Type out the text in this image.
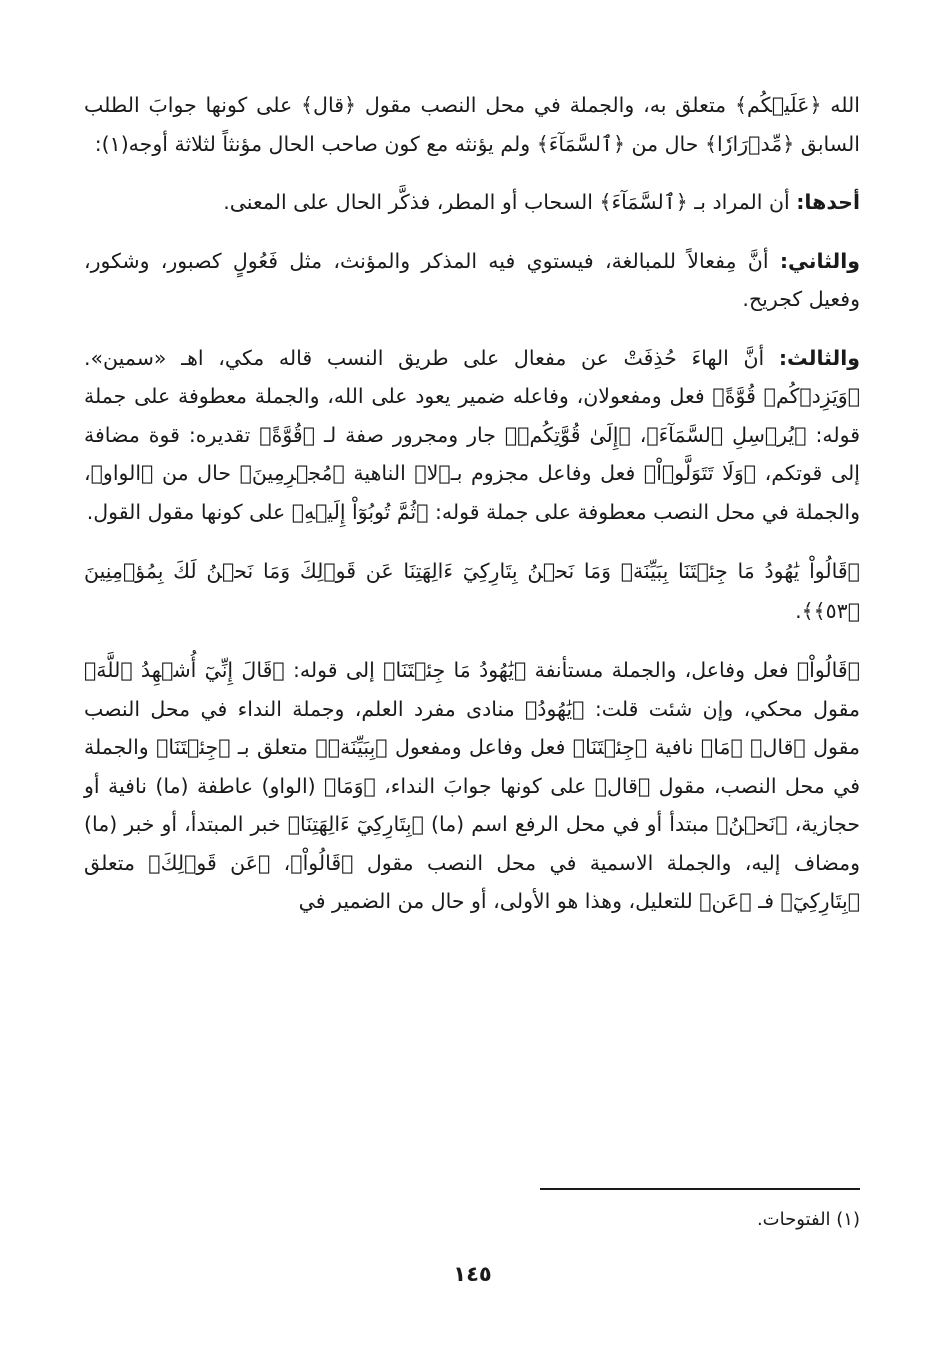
الله ﴿عَلَيۡكُم﴾ متعلق به، والجملة في محل النصب مقول ﴿قال﴾ على كونها جوابَ الطلب السابق ﴿مِّدۡرَارٗا﴾ حال من ﴿ٱلسَّمَآءَ﴾ ولم يؤنثه مع كون صاحب الحال مؤنثاً لثلاثة أوجه(١):

أحدها: أن المراد بـ ﴿ٱلسَّمَآءَ﴾ السحاب أو المطر، فذكَّر الحال على المعنى.

والثاني: أنَّ مِفعالاً للمبالغة، فيستوي فيه المذكر والمؤنث، مثل فَعُولٍ كصبور، وشكور، وفعيل كجريح.

والثالث: أنَّ الهاءَ حُذِفَتْ عن مفعال على طريق النسب قاله مكي، اهـ «سمين». ﴿وَيَزِدۡكُمۡ قُوَّةً﴾ فعل ومفعولان، وفاعله ضمير يعود على الله، والجملة معطوفة على جملة قوله: ﴿يُرۡسِلِ ٱلسَّمَآءَ﴾، ﴿إِلَىٰ قُوَّتِكُمۡ﴾ جار ومجرور صفة لـ ﴿قُوَّةً﴾ تقديره: قوة مضافة إلى قوتكم، ﴿وَلَا تَتَوَلَّوۡاْ﴾ فعل وفاعل مجزوم بـ﴿لا﴾ الناهية ﴿مُجۡرِمِينَ﴾ حال من ﴿الواو﴾، والجملة في محل النصب معطوفة على جملة قوله: ﴿ثُمَّ تُوبُوٓاْ إِلَيۡهِ﴾ على كونها مقول القول.

﴿قَالُواْ يَٰهُودُ مَا جِئۡتَنَا بِبَيِّنَةٖ وَمَا نَحۡنُ بِتَارِكِيٓ ءَالِهَتِنَا عَن قَوۡلِكَ وَمَا نَحۡنُ لَكَ بِمُؤۡمِنِينَ ﴿٥٣﴾﴾.

﴿قَالُواْ﴾ فعل وفاعل، والجملة مستأنفة ﴿يَٰهُودُ مَا جِئۡتَنَا﴾ إلى قوله: ﴿قَالَ إِنِّيٓ أُشۡهِدُ ٱللَّهَ﴾ مقول محكي، وإن شئت قلت: ﴿يَٰهُودُ﴾ منادى مفرد العلم، وجملة النداء في محل النصب مقول ﴿قال﴾ ﴿مَا﴾ نافية ﴿جِئۡتَنَا﴾ فعل وفاعل ومفعول ﴿بِبَيِّنَةٖ﴾ متعلق بـ ﴿جِئۡتَنَا﴾ والجملة في محل النصب، مقول ﴿قال﴾ على كونها جوابَ النداء، ﴿وَمَا﴾ (الواو) عاطفة (ما) نافية أو حجازية، ﴿نَحۡنُ﴾ مبتدأ أو في محل الرفع اسم (ما) ﴿بِتَارِكِيٓ ءَالِهَتِنَا﴾ خبر المبتدأ، أو خبر (ما) ومضاف إليه، والجملة الاسمية في محل النصب مقول ﴿قَالُواْ﴾، ﴿عَن قَوۡلِكَ﴾ متعلق ﴿بِتَارِكِيٓ﴾ فـ ﴿عَن﴾ للتعليل، وهذا هو الأولى، أو حال من الضمير في

(١) الفتوحات.
١٤٥
